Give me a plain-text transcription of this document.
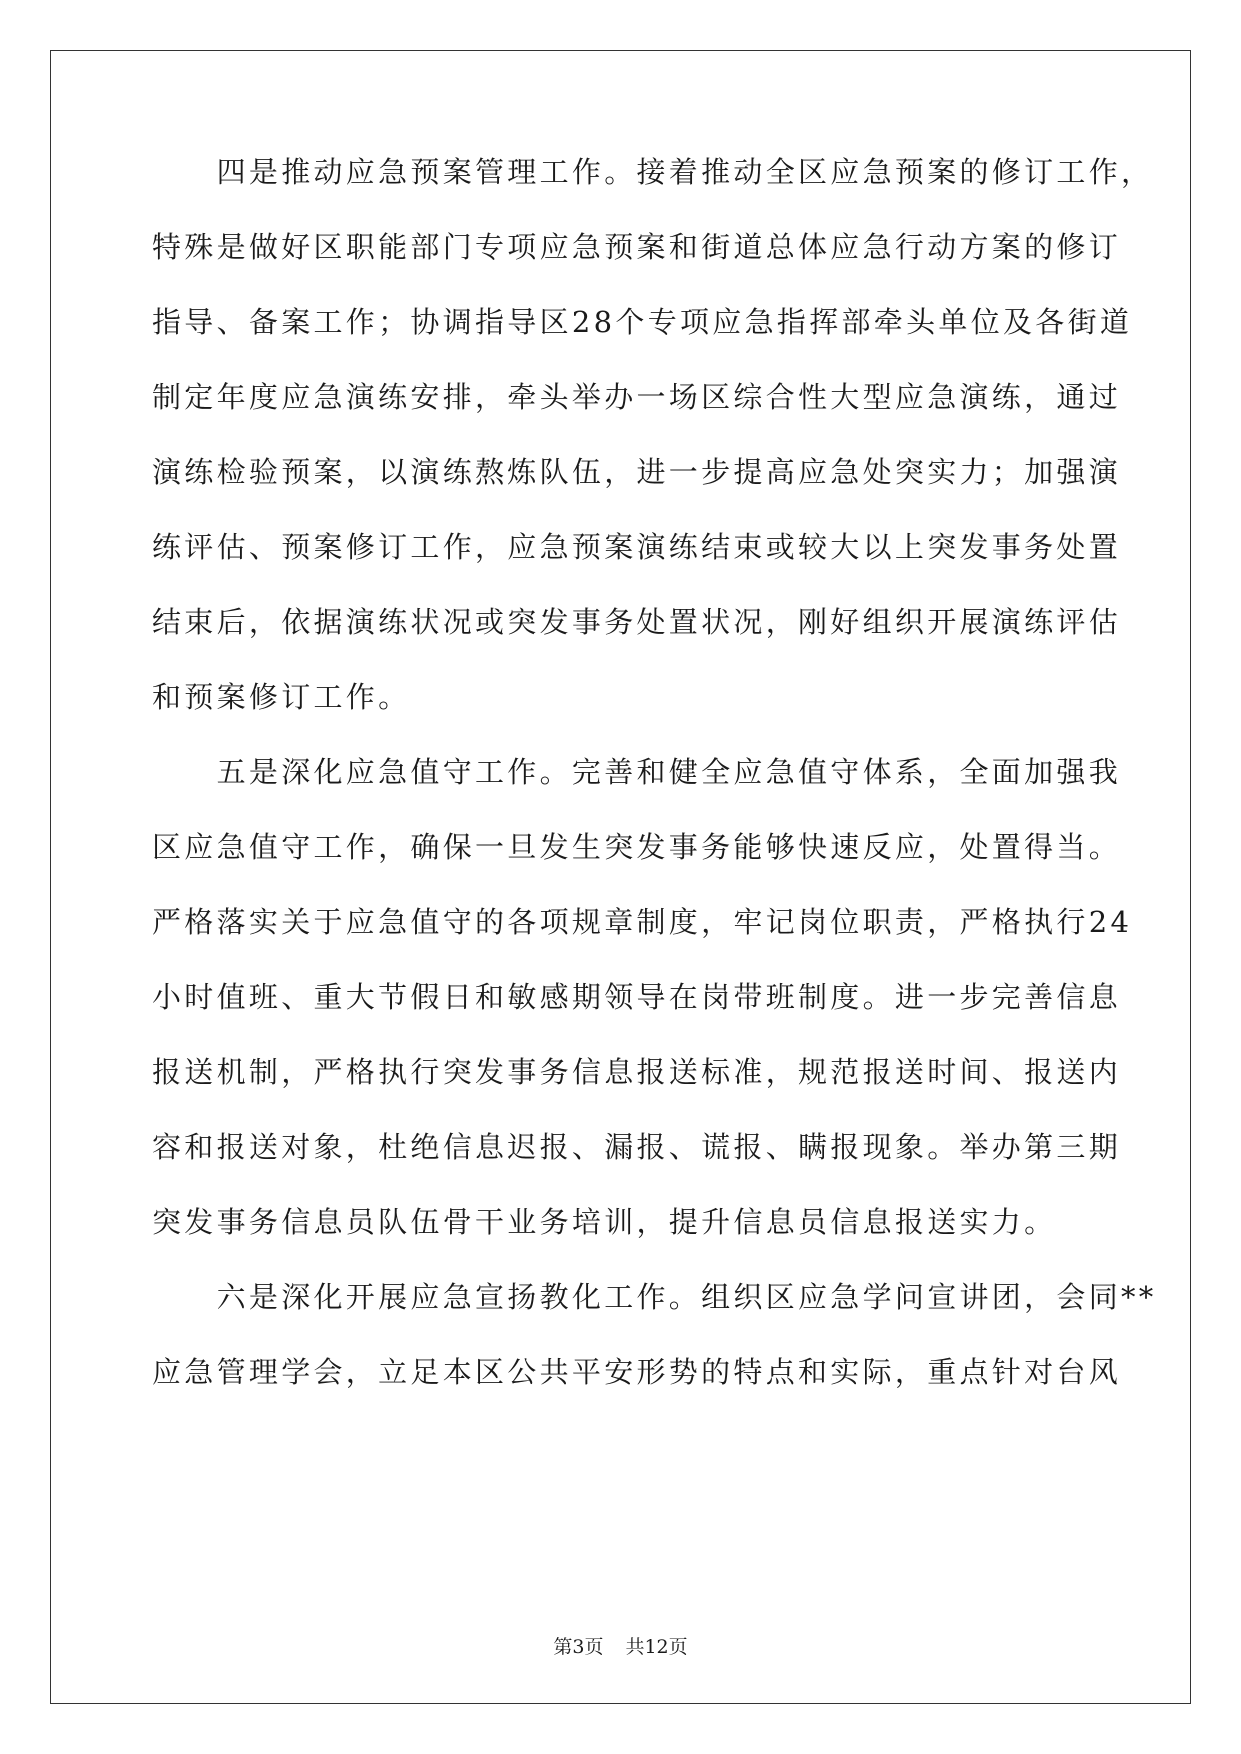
　　四是推动应急预案管理工作。接着推动全区应急预案的修订工作，
特殊是做好区职能部门专项应急预案和街道总体应急行动方案的修订
指导、备案工作；协调指导区28个专项应急指挥部牵头单位及各街道
制定年度应急演练安排，牵头举办一场区综合性大型应急演练，通过
演练检验预案，以演练熬炼队伍，进一步提高应急处突实力；加强演
练评估、预案修订工作，应急预案演练结束或较大以上突发事务处置
结束后，依据演练状况或突发事务处置状况，刚好组织开展演练评估
和预案修订工作。
　　五是深化应急值守工作。完善和健全应急值守体系，全面加强我
区应急值守工作，确保一旦发生突发事务能够快速反应，处置得当。
严格落实关于应急值守的各项规章制度，牢记岗位职责，严格执行24
小时值班、重大节假日和敏感期领导在岗带班制度。进一步完善信息
报送机制，严格执行突发事务信息报送标准，规范报送时间、报送内
容和报送对象，杜绝信息迟报、漏报、谎报、瞒报现象。举办第三期
突发事务信息员队伍骨干业务培训，提升信息员信息报送实力。
　　六是深化开展应急宣扬教化工作。组织区应急学问宣讲团，会同**
应急管理学会，立足本区公共平安形势的特点和实际，重点针对台风
第3页 共12页
